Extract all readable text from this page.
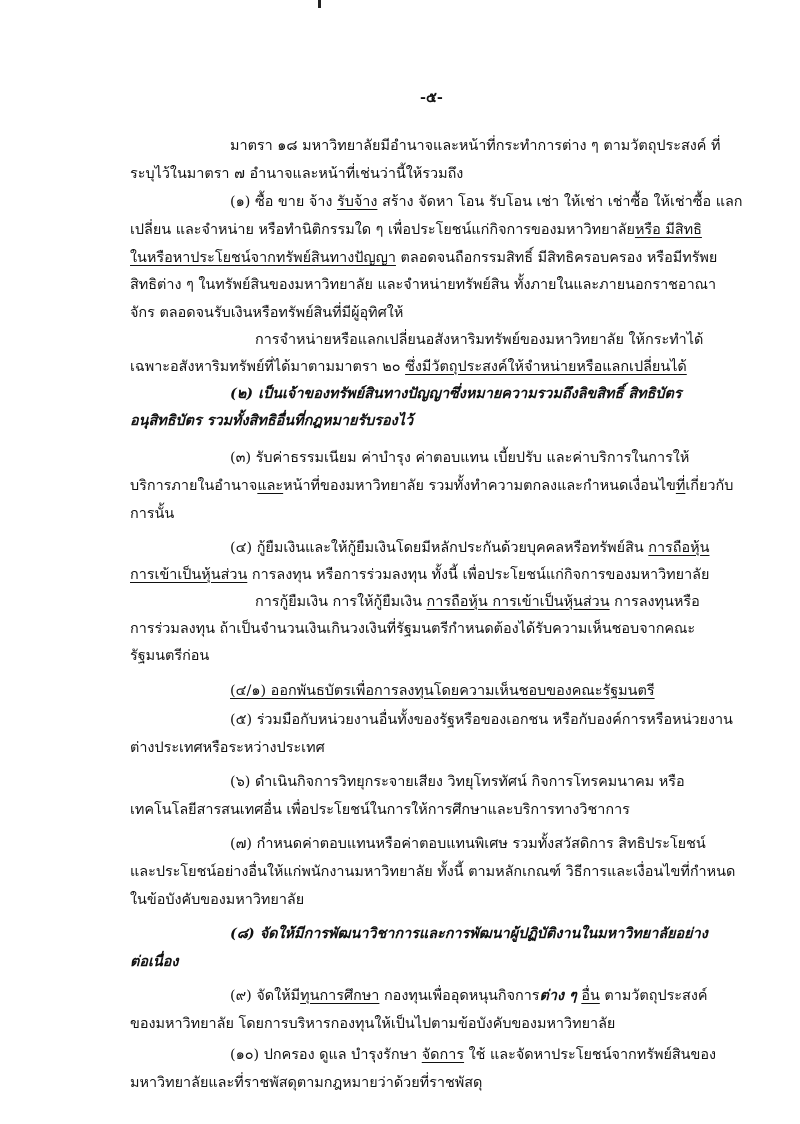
-๕-
มาตรา ๑๘ มหาวิทยาลัยมีอำนาจและหน้าที่กระทำการต่าง ๆ ตามวัตถุประสงค์ ที่
ระบุไว้ในมาตรา ๗ อำนาจและหน้าที่เช่นว่านี้ให้รวมถึง
(๑) ซื้อ ขาย จ้าง รับจ้าง สร้าง จัดหา โอน รับโอน เช่า ให้เช่า เช่าซื้อ ให้เช่าซื้อ แลก
เปลี่ยน และจำหน่าย หรือทำนิติกรรมใด ๆ เพื่อประโยชน์แก่กิจการของมหาวิทยาลัยหรือ มีสิทธิ
ในหรือหาประโยชน์จากทรัพย์สินทางปัญญา ตลอดจนถือกรรมสิทธิ์ มีสิทธิครอบครอง หรือมีทรัพย
สิทธิต่าง ๆ ในทรัพย์สินของมหาวิทยาลัย และจำหน่ายทรัพย์สิน ทั้งภายในและภายนอกราชอาณา
จักร ตลอดจนรับเงินหรือทรัพย์สินที่มีผู้อุทิศให้
การจำหน่ายหรือแลกเปลี่ยนอสังหาริมทรัพย์ของมหาวิทยาลัย ให้กระทำได้
เฉพาะอสังหาริมทรัพย์ที่ได้มาตามมาตรา ๒๐ ซึ่งมีวัตถุประสงค์ให้จำหน่ายหรือแลกเปลี่ยนได้
(๒) เป็นเจ้าของทรัพย์สินทางปัญญาซึ่งหมายความรวมถึงลิขสิทธิ์ สิทธิบัตร
อนุสิทธิบัตร รวมทั้งสิทธิอื่นที่กฎหมายรับรองไว้
(๓) รับค่าธรรมเนียม ค่าบำรุง ค่าตอบแทน เบี้ยปรับ และค่าบริการในการให้
บริการภายในอำนาจและหน้าที่ของมหาวิทยาลัย รวมทั้งทำความตกลงและกำหนดเงื่อนไขที่เกี่ยวกับ
การนั้น
(๔) กู้ยืมเงินและให้กู้ยืมเงินโดยมีหลักประกันด้วยบุคคลหรือทรัพย์สิน การถือหุ้น
การเข้าเป็นหุ้นส่วน การลงทุน หรือการร่วมลงทุน ทั้งนี้ เพื่อประโยชน์แก่กิจการของมหาวิทยาลัย
การกู้ยืมเงิน การให้กู้ยืมเงิน การถือหุ้น การเข้าเป็นหุ้นส่วน การลงทุนหรือ
การร่วมลงทุน ถ้าเป็นจำนวนเงินเกินวงเงินที่รัฐมนตรีกำหนดต้องได้รับความเห็นชอบจากคณะ
รัฐมนตรีก่อน
(๔/๑) ออกพันธบัตรเพื่อการลงทุนโดยความเห็นชอบของคณะรัฐมนตรี
(๕) ร่วมมือกับหน่วยงานอื่นทั้งของรัฐหรือของเอกชน หรือกับองค์การหรือหน่วยงาน
ต่างประเทศหรือระหว่างประเทศ
(๖) ดำเนินกิจการวิทยุกระจายเสียง วิทยุโทรทัศน์ กิจการโทรคมนาคม หรือ
เทคโนโลยีสารสนเทศอื่น เพื่อประโยชน์ในการให้การศึกษาและบริการทางวิชาการ
(๗) กำหนดค่าตอบแทนหรือค่าตอบแทนพิเศษ รวมทั้งสวัสดิการ สิทธิประโยชน์
และประโยชน์อย่างอื่นให้แก่พนักงานมหาวิทยาลัย ทั้งนี้ ตามหลักเกณฑ์ วิธีการและเงื่อนไขที่กำหนด
ในข้อบังคับของมหาวิทยาลัย
(๘) จัดให้มีการพัฒนาวิชาการและการพัฒนาผู้ปฏิบัติงานในมหาวิทยาลัยอย่าง
ต่อเนื่อง
(๙) จัดให้มีทุนการศึกษา กองทุนเพื่ออุดหนุนกิจการต่าง ๆ อื่น ตามวัตถุประสงค์
ของมหาวิทยาลัย โดยการบริหารกองทุนให้เป็นไปตามข้อบังคับของมหาวิทยาลัย
(๑๐) ปกครอง ดูแล บำรุงรักษา จัดการ ใช้ และจัดหาประโยชน์จากทรัพย์สินของ
มหาวิทยาลัยและที่ราชพัสดุตามกฎหมายว่าด้วยที่ราชพัสดุ
